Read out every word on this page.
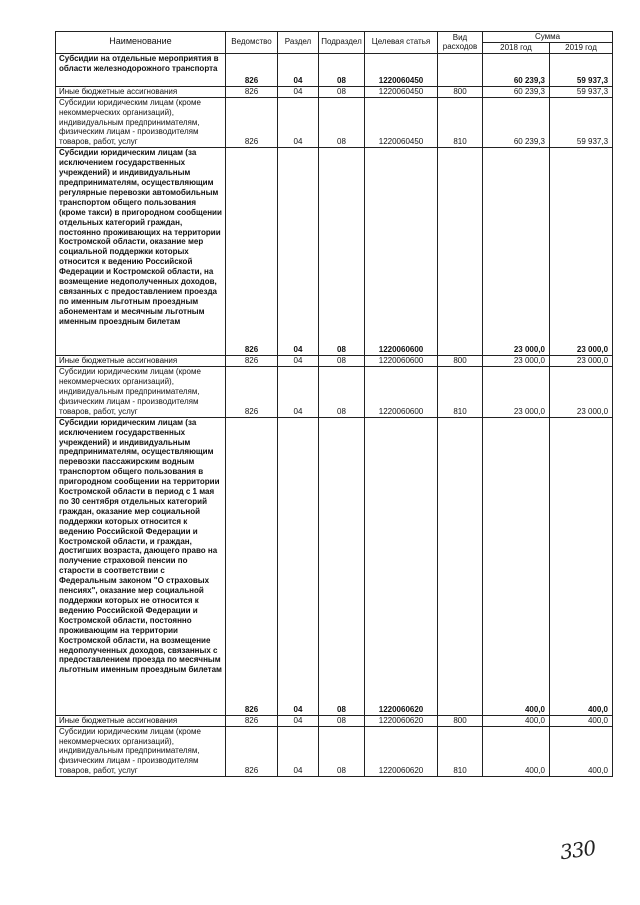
Наименование	Ведомство	Раздел	Подраздел	Целевая статья	Вид расходов	Сумма	
						2018 год	2019 год
Субсидии на отдельные мероприятия в области железнодорожного транспорта	826	04	08	1220060450		60 239,3	59 937,3
Иные бюджетные ассигнования	826	04	08	1220060450	800	60 239,3	59 937,3
Субсидии юридическим лицам (кроме некоммерческих организаций), индивидуальным предпринимателям, физическим лицам - производителям товаров, работ, услуг	826	04	08	1220060450	810	60 239,3	59 937,3
Субсидии юридическим лицам (за исключением государственных учреждений) и индивидуальным предпринимателям, осуществляющим регулярные перевозки автомобильным транспортом общего пользования (кроме такси) в пригородном сообщении отдельных категорий граждан, постоянно проживающих на территории Костромской области, оказание мер социальной поддержки которых относится к ведению Российской Федерации и Костромской области, на возмещение недополученных доходов, связанных с предоставлением проезда по именным льготным проездным абонементам и месячным льготным именным проездным билетам	826	04	08	1220060600		23 000,0	23 000,0
Иные бюджетные ассигнования	826	04	08	1220060600	800	23 000,0	23 000,0
Субсидии юридическим лицам (кроме некоммерческих организаций), индивидуальным предпринимателям, физическим лицам - производителям товаров, работ, услуг	826	04	08	1220060600	810	23 000,0	23 000,0
Субсидии юридическим лицам (за исключением государственных учреждений) и индивидуальным предпринимателям, осуществляющим перевозки пассажирским водным транспортом общего пользования в пригородном сообщении на территории Костромской области в период с 1 мая по 30 сентября отдельных категорий граждан, оказание мер социальной поддержки которых относится к ведению Российской Федерации и Костромской области, и граждан, достигших возраста, дающего право на получение страховой пенсии по старости в соответствии с Федеральным законом "О страховых пенсиях", оказание мер социальной поддержки которых не относится к ведению Российской Федерации и Костромской области, постоянно проживающим на территории Костромской области, на возмещение недополученных доходов, связанных с предоставлением проезда по месячным льготным именным проездным билетам	826	04	08	1220060620		400,0	400,0
Иные бюджетные ассигнования	826	04	08	1220060620	800	400,0	400,0
Субсидии юридическим лицам (кроме некоммерческих организаций), индивидуальным предпринимателям, физическим лицам - производителям товаров, работ, услуг	826	04	08	1220060620	810	400,0	400,0
330
